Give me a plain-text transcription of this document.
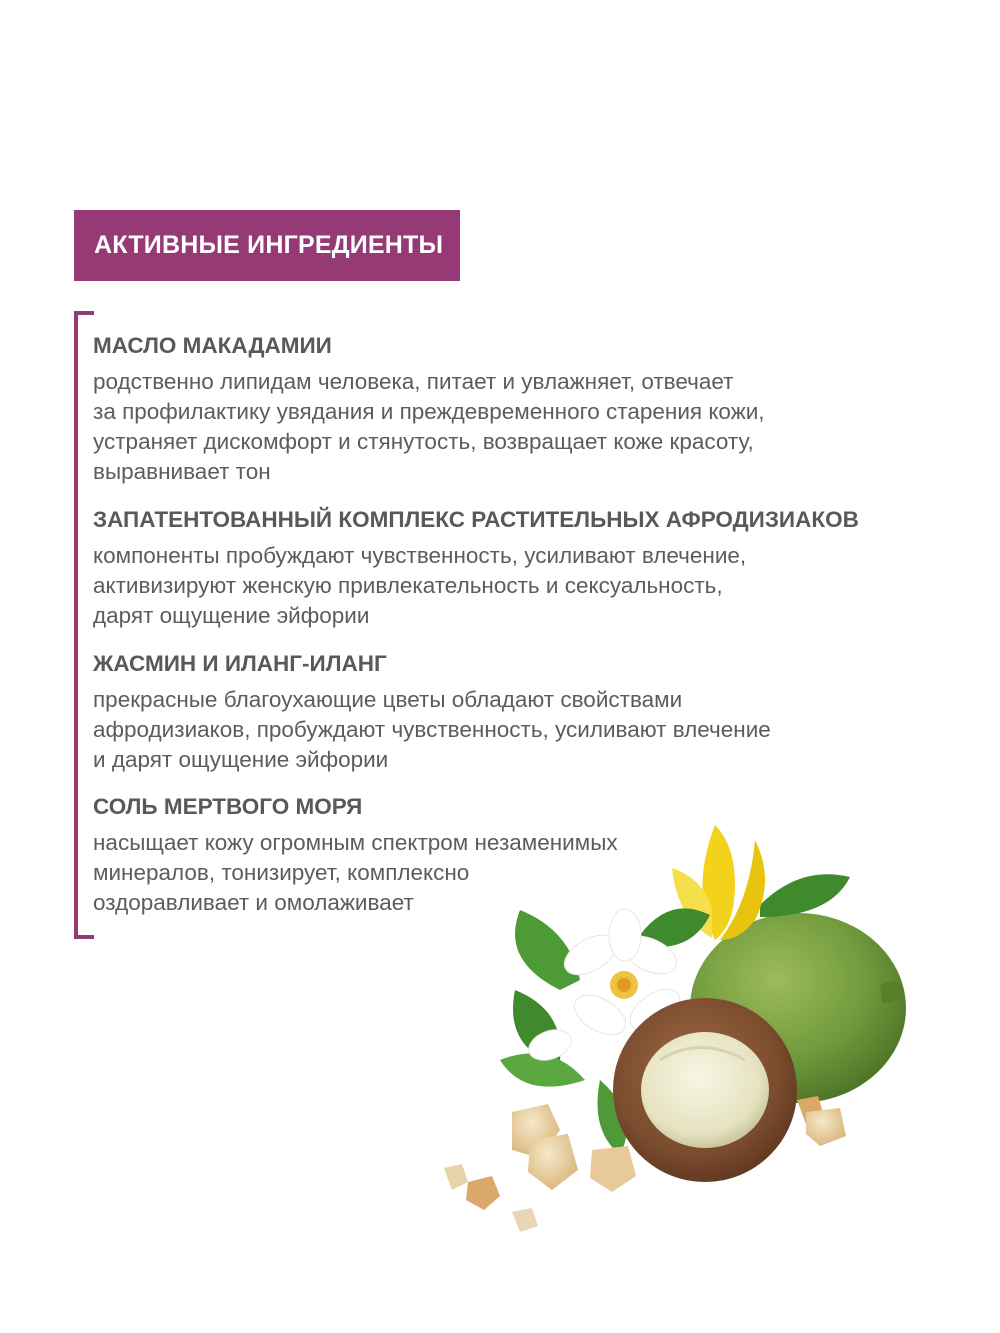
АКТИВНЫЕ ИНГРЕДИЕНТЫ
МАСЛО МАКАДАМИИ
родственно липидам человека, питает и увлажняет, отвечает
за профилактику увядания и преждевременного старения кожи,
устраняет дискомфорт и стянутость, возвращает коже красоту,
выравнивает тон
ЗАПАТЕНТОВАННЫЙ КОМПЛЕКС РАСТИТЕЛЬНЫХ АФРОДИЗИАКОВ
компоненты пробуждают чувственность, усиливают влечение,
активизируют женскую привлекательность и сексуальность,
дарят ощущение эйфории
ЖАСМИН И ИЛАНГ-ИЛАНГ
прекрасные благоухающие цветы обладают свойствами
афродизиаков, пробуждают чувственность, усиливают влечение
и дарят ощущение эйфории
СОЛЬ МЕРТВОГО МОРЯ
насыщает кожу огромным спектром незаменимых
минералов, тонизирует, комплексно
оздоравливает и омолаживает
